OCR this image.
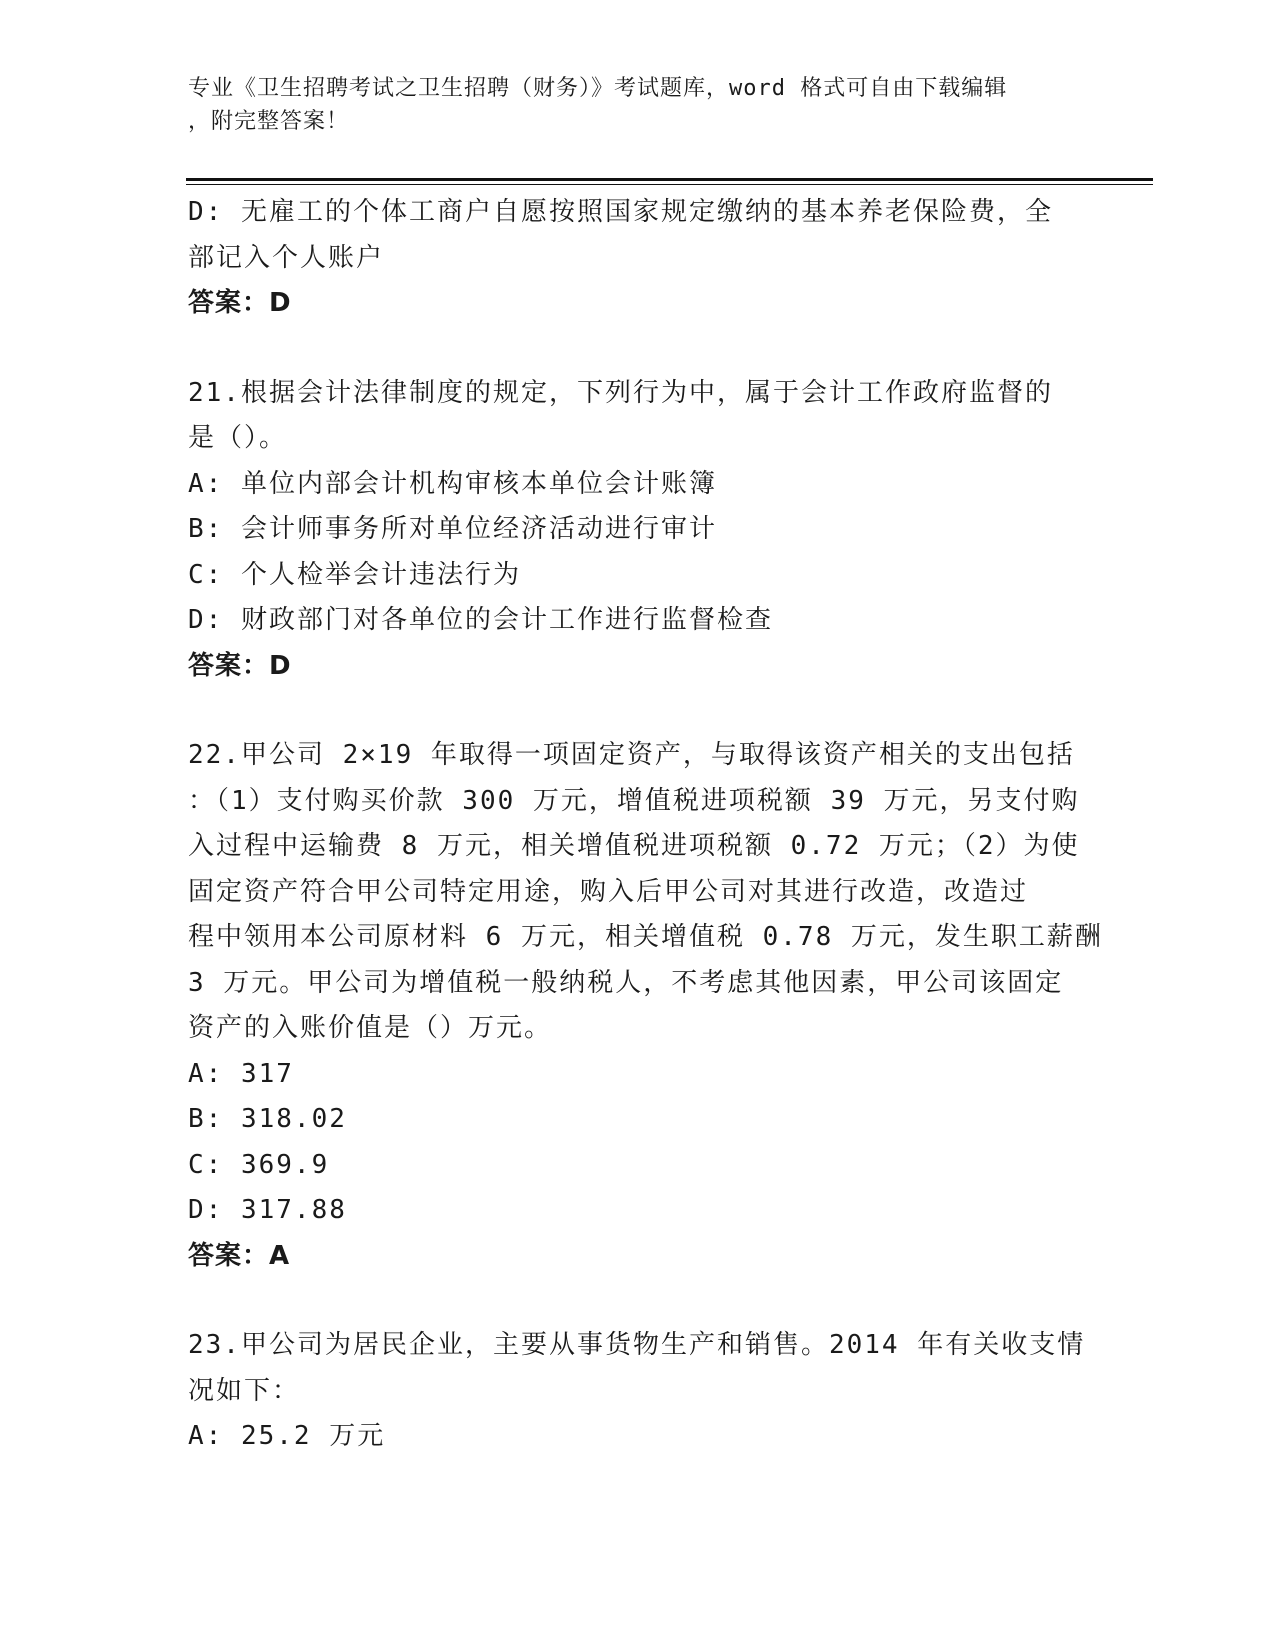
专业《卫生招聘考试之卫生招聘（财务）》考试题库，word 格式可自由下载编辑
，附完整答案！
D: 无雇工的个体工商户自愿按照国家规定缴纳的基本养老保险费，全
部记入个人账户
答案：D
21.根据会计法律制度的规定，下列行为中，属于会计工作政府监督的
是（）。
A: 单位内部会计机构审核本单位会计账簿
B: 会计师事务所对单位经济活动进行审计
C: 个人检举会计违法行为
D: 财政部门对各单位的会计工作进行监督检查
答案：D
22.甲公司 2×19 年取得一项固定资产，与取得该资产相关的支出包括
：（1）支付购买价款 300 万元，增值税进项税额 39 万元，另支付购
入过程中运输费 8 万元，相关增值税进项税额 0.72 万元；（2）为使
固定资产符合甲公司特定用途，购入后甲公司对其进行改造，改造过
程中领用本公司原材料 6 万元，相关增值税 0.78 万元，发生职工薪酬
3 万元。甲公司为增值税一般纳税人，不考虑其他因素，甲公司该固定
资产的入账价值是（）万元。
A: 317
B: 318.02
C: 369.9
D: 317.88
答案：A
23.甲公司为居民企业，主要从事货物生产和销售。2014 年有关收支情
况如下：
A: 25.2 万元
